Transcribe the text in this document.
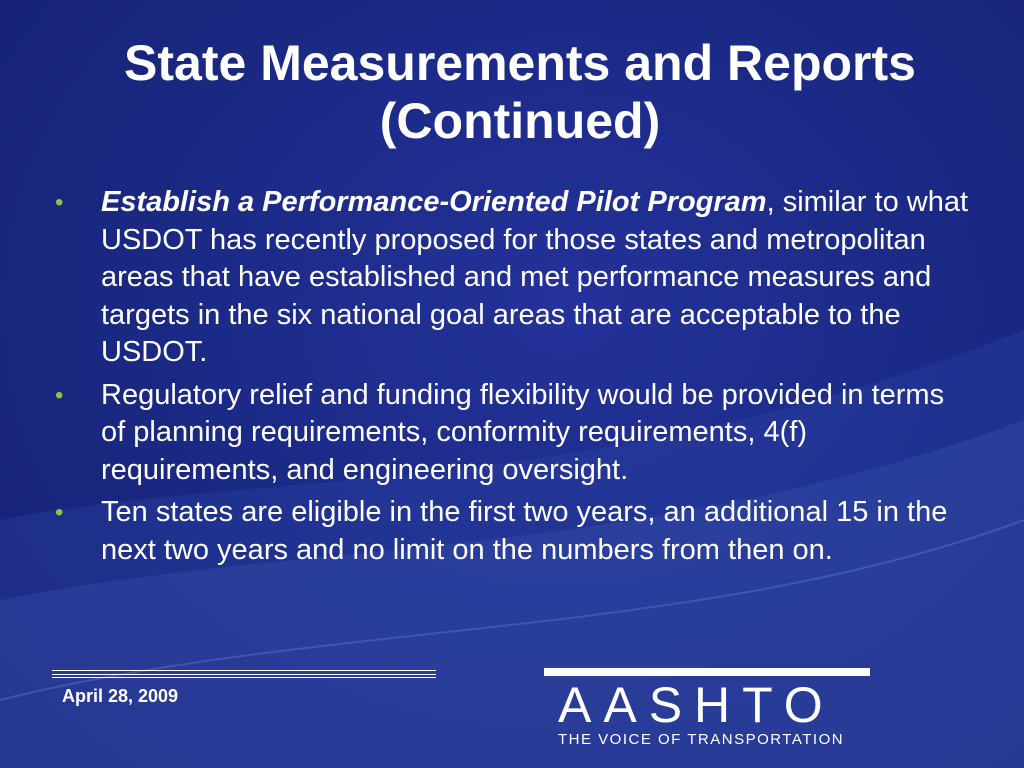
State Measurements and Reports
(Continued)
• Establish a Performance-Oriented Pilot Program, similar to what USDOT has recently proposed for those states and metropolitan areas that have established and met performance measures and targets in the six national goal areas that are acceptable to the USDOT.
• Regulatory relief and funding flexibility would be provided in terms of planning requirements, conformity requirements, 4(f) requirements, and engineering oversight.
• Ten states are eligible in the first two years, an additional 15 in the next two years and no limit on the numbers from then on.
April 28, 2009	AASHTO
THE VOICE OF TRANSPORTATION
